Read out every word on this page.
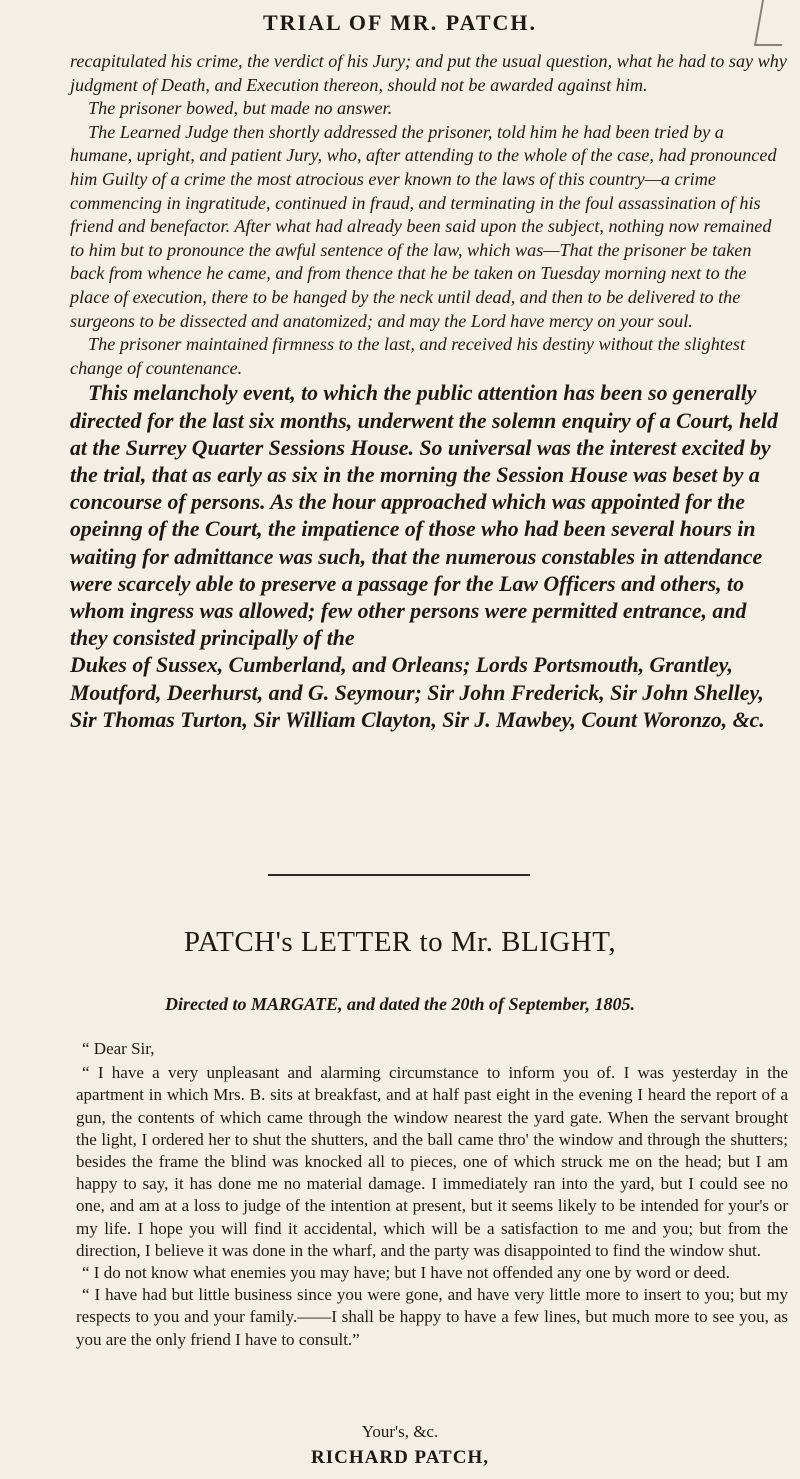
TRIAL OF MR. PATCH.

recapitulated his crime, the verdict of his Jury; and put the usual question, what he had to say why judgment of Death, and Execution thereon, should not be awarded against him.

The prisoner bowed, but made no answer.

The Learned Judge then shortly addressed the prisoner, told him he had been tried by a humane, upright, and patient Jury, who, after attending to the whole of the case, had pronounced him Guilty of a crime the most atrocious ever known to the laws of this country—a crime commencing in ingratitude, continued in fraud, and terminating in the foul assassination of his friend and benefactor. After what had already been said upon the subject, nothing now remained to him but to pronounce the awful sentence of the law, which was—That the prisoner be taken back from whence he came, and from thence that he be taken on Tuesday morning next to the place of execution, there to be hanged by the neck until dead, and then to be delivered to the surgeons to be dissected and anatomized; and may the Lord have mercy on your soul.

The prisoner maintained firmness to the last, and received his destiny without the slightest change of countenance.

This melancholy event, to which the public attention has been so generally directed for the last six months, underwent the solemn enquiry of a Court, held at the Surrey Quarter Sessions House. So universal was the interest excited by the trial, that as early as six in the morning the Session House was beset by a concourse of persons. As the hour approached which was appointed for the opeinng of the Court, the impatience of those who had been several hours in waiting for admittance was such, that the numerous constables in attendance were scarcely able to preserve a passage for the Law Officers and others, to whom ingress was allowed; few other persons were permitted entrance, and they consisted principally of the

Dukes of Sussex, Cumberland, and Orleans; Lords Portsmouth, Grantley, Moutford, Deerhurst, and G. Seymour; Sir John Frederick, Sir John Shelley, Sir Thomas Turton, Sir William Clayton, Sir J. Mawbey, Count Woronzo, &c.

PATCH's LETTER to Mr. BLIGHT,
Directed to MARGATE, and dated the 20th of September, 1805.

“ Dear Sir,

“ I have a very unpleasant and alarming circumstance to inform you of. I was yesterday in the apartment in which Mrs. B. sits at breakfast, and at half past eight in the evening I heard the report of a gun, the contents of which came through the window nearest the yard gate. When the servant brought the light, I ordered her to shut the shutters, and the ball came thro' the window and through the shutters; besides the frame the blind was knocked all to pieces, one of which struck me on the head; but I am happy to say, it has done me no material damage. I immediately ran into the yard, but I could see no one, and am at a loss to judge of the intention at present, but it seems likely to be intended for your's or my life. I hope you will find it accidental, which will be a satisfaction to me and you; but from the direction, I believe it was done in the wharf, and the party was disappointed to find the window shut.

“ I do not know what enemies you may have; but I have not offended any one by word or deed.

“ I have had but little business since you were gone, and have very little more to insert to you; but my respects to you and your family.——I shall be happy to have a few lines, but much more to see you, as you are the only friend I have to consult.”

Your's, &c.
RICHARD PATCH,
